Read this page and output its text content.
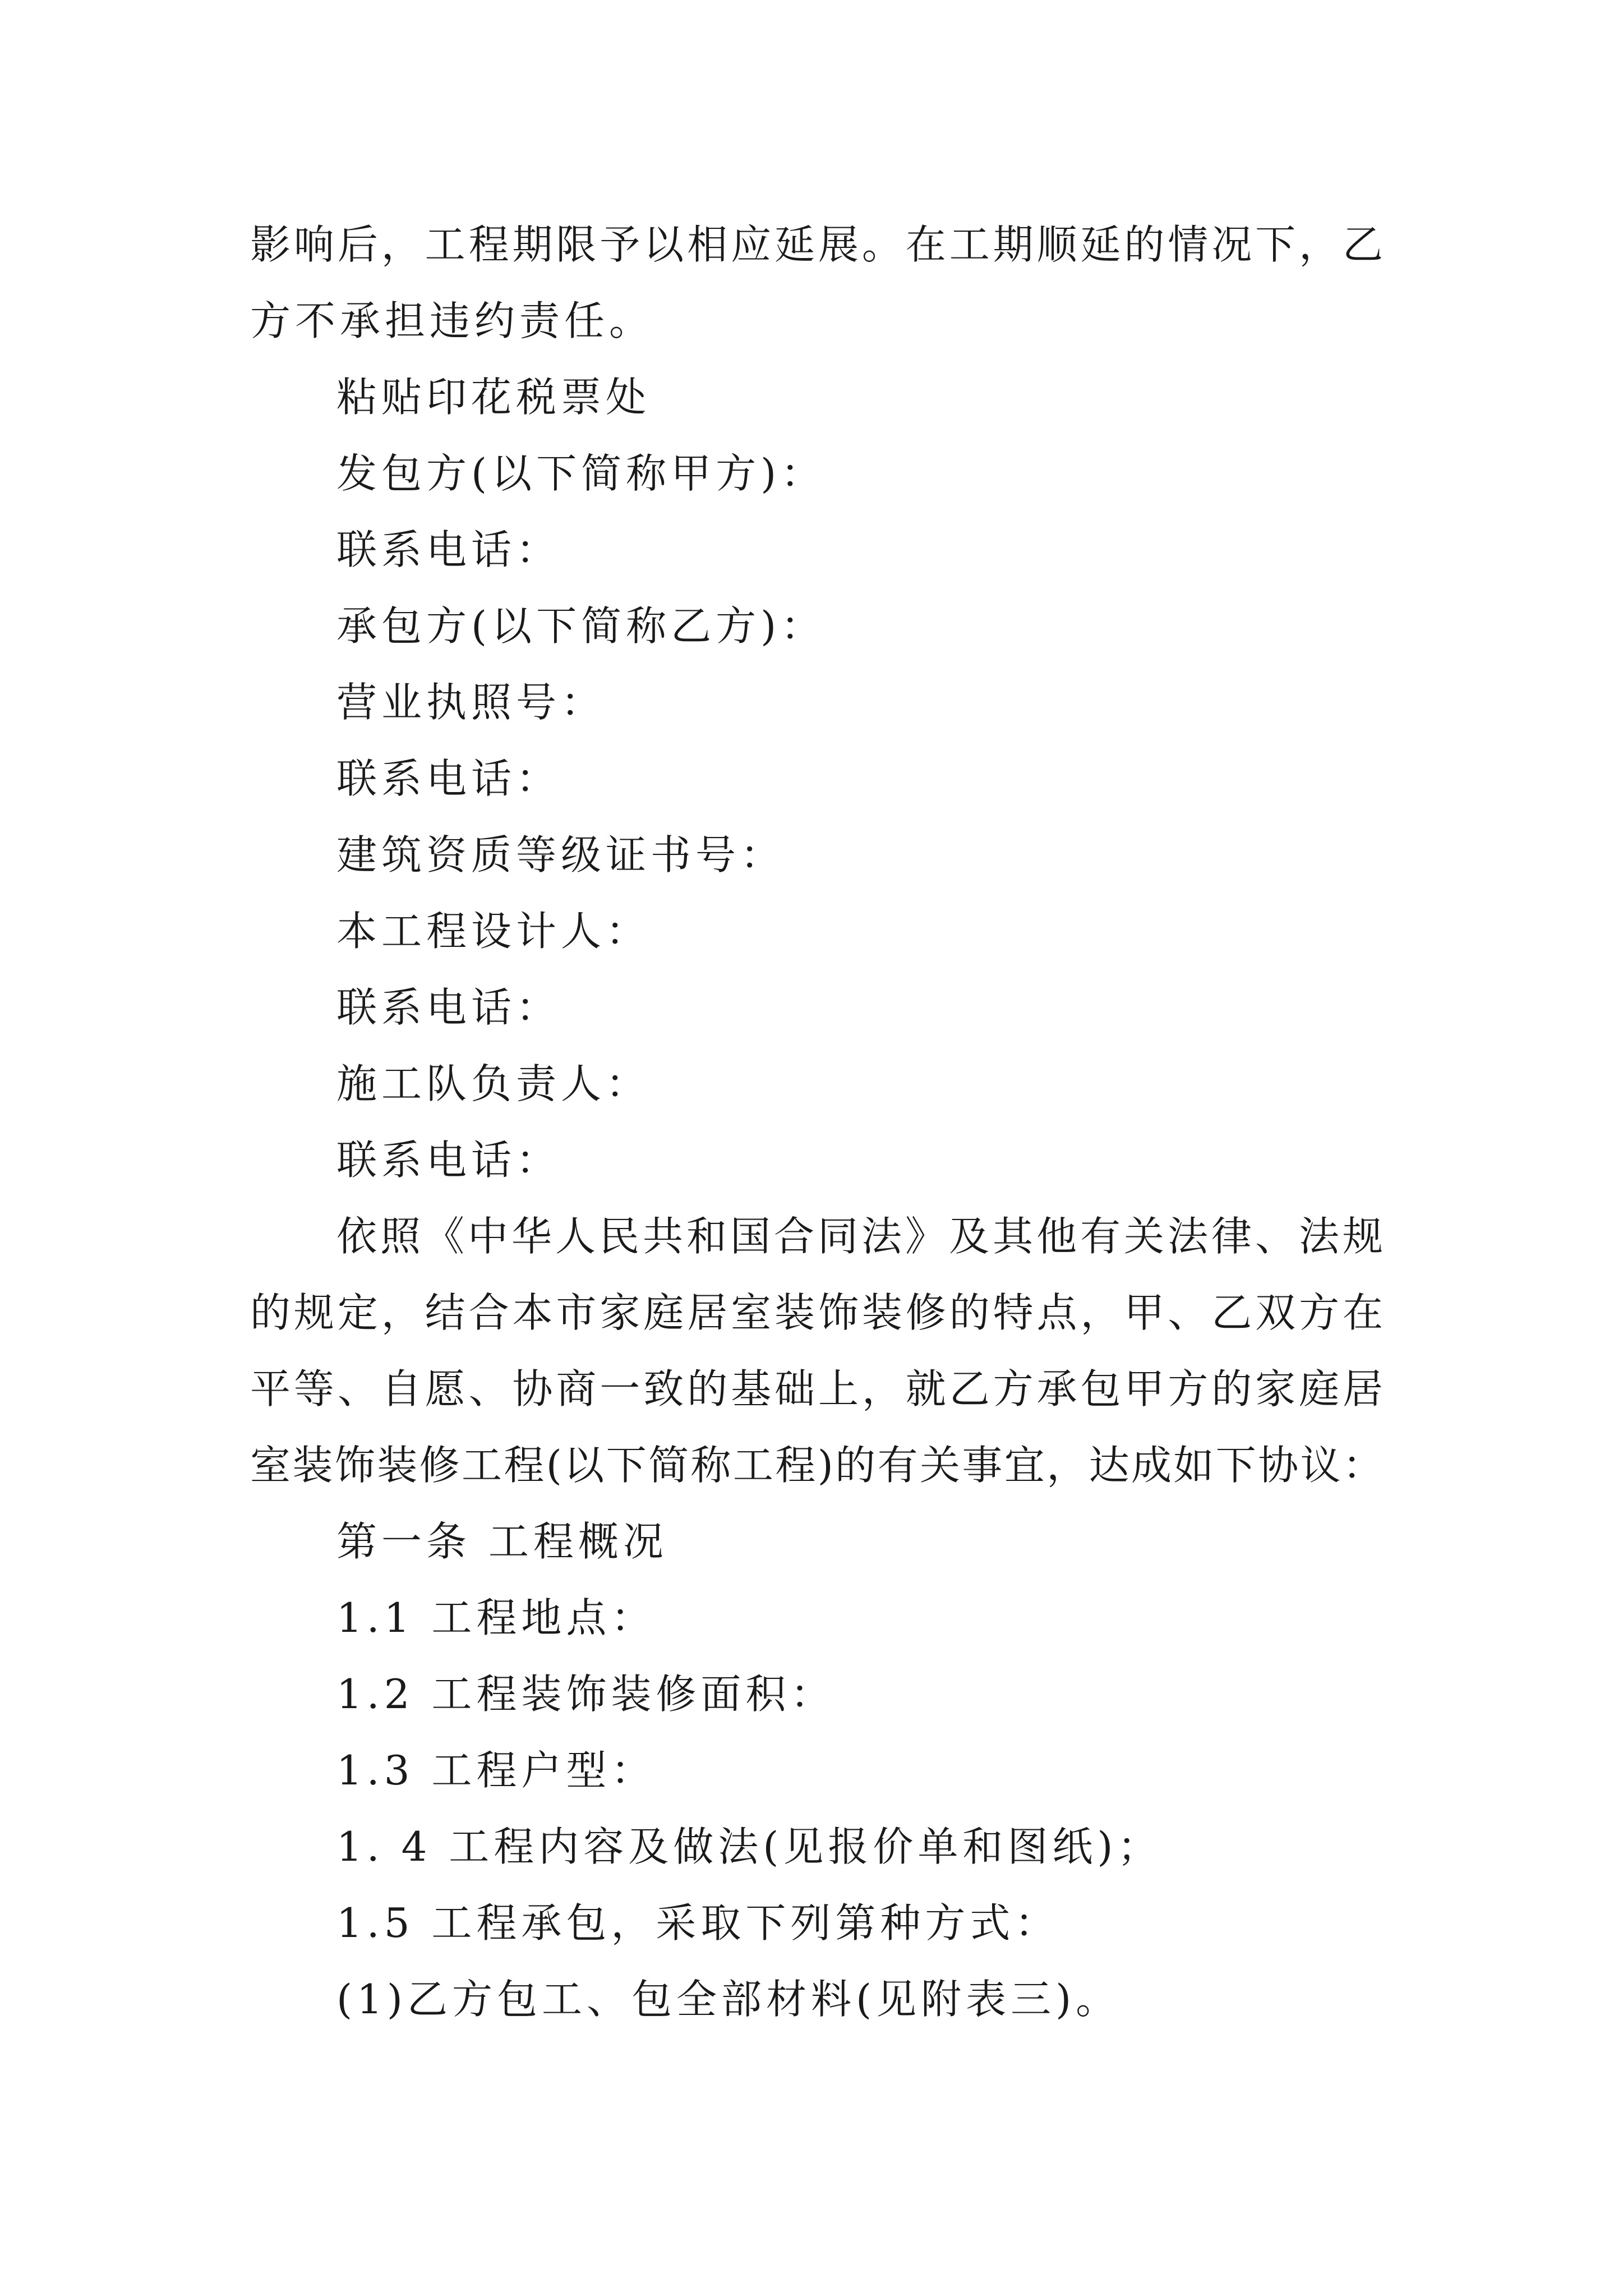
影响后，工程期限予以相应延展。在工期顺延的情况下，乙
方不承担违约责任。
粘贴印花税票处
发包方(以下简称甲方)：
联系电话：
承包方(以下简称乙方)：
营业执照号：
联系电话：
建筑资质等级证书号：
本工程设计人：
联系电话：
施工队负责人：
联系电话：
依照《中华人民共和国合同法》及其他有关法律、法规
的规定，结合本市家庭居室装饰装修的特点，甲、乙双方在
平等、自愿、协商一致的基础上，就乙方承包甲方的家庭居
室装饰装修工程(以下简称工程)的有关事宜，达成如下协议：
第一条 工程概况
1.1 工程地点：
1.2 工程装饰装修面积：
1.3 工程户型：
1. 4 工程内容及做法(见报价单和图纸)；
1.5 工程承包，采取下列第种方式：
(1)乙方包工、包全部材料(见附表三)。
